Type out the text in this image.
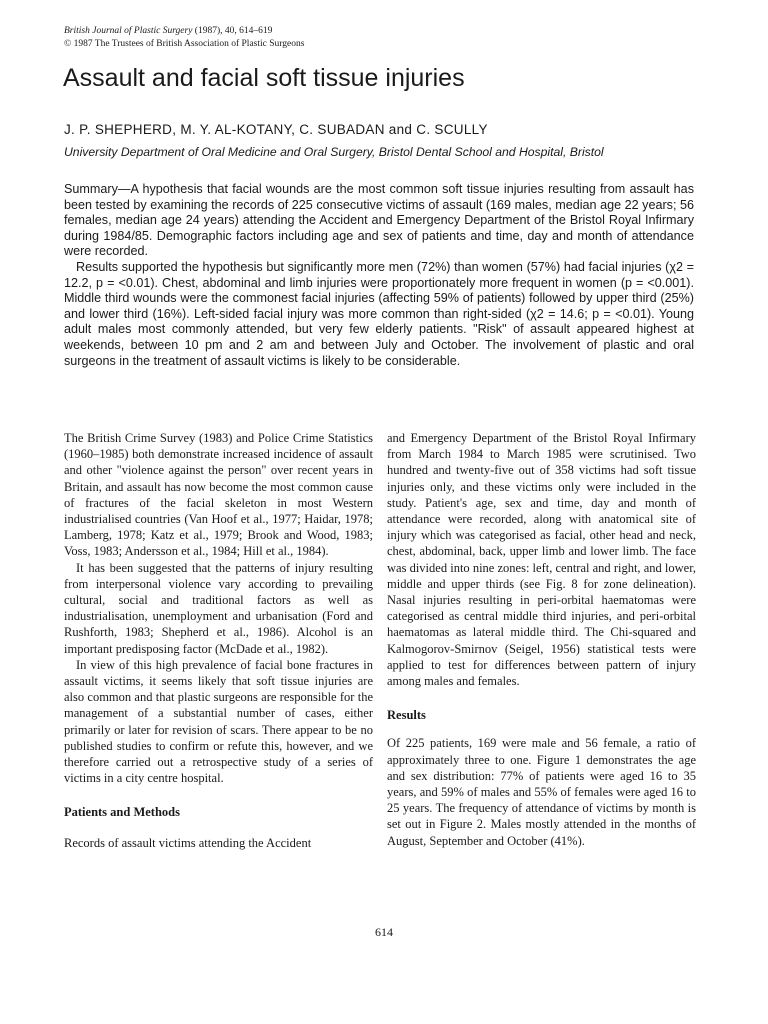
British Journal of Plastic Surgery (1987), 40, 614–619
© 1987 The Trustees of British Association of Plastic Surgeons
Assault and facial soft tissue injuries
J. P. SHEPHERD, M. Y. AL-KOTANY, C. SUBADAN and C. SCULLY
University Department of Oral Medicine and Oral Surgery, Bristol Dental School and Hospital, Bristol

Summary—A hypothesis that facial wounds are the most common soft tissue injuries resulting from assault has been tested by examining the records of 225 consecutive victims of assault (169 males, median age 22 years; 56 females, median age 24 years) attending the Accident and Emergency Department of the Bristol Royal Infirmary during 1984/85. Demographic factors including age and sex of patients and time, day and month of attendance were recorded.

Results supported the hypothesis but significantly more men (72%) than women (57%) had facial injuries (χ2 = 12.2, p = <0.01). Chest, abdominal and limb injuries were proportionately more frequent in women (p = <0.001). Middle third wounds were the commonest facial injuries (affecting 59% of patients) followed by upper third (25%) and lower third (16%). Left-sided facial injury was more common than right-sided (χ2 = 14.6; p = <0.01). Young adult males most commonly attended, but very few elderly patients. "Risk" of assault appeared highest at weekends, between 10 pm and 2 am and between July and October. The involvement of plastic and oral surgeons in the treatment of assault victims is likely to be considerable.

The British Crime Survey (1983) and Police Crime Statistics (1960–1985) both demonstrate increased incidence of assault and other "violence against the person" over recent years in Britain, and assault has now become the most common cause of fractures of the facial skeleton in most Western industrialised countries (Van Hoof et al., 1977; Haidar, 1978; Lamberg, 1978; Katz et al., 1979; Brook and Wood, 1983; Voss, 1983; Andersson et al., 1984; Hill et al., 1984).

It has been suggested that the patterns of injury resulting from interpersonal violence vary according to prevailing cultural, social and traditional factors as well as industrialisation, unemployment and urbanisation (Ford and Rushforth, 1983; Shepherd et al., 1986). Alcohol is an important predisposing factor (McDade et al., 1982).

In view of this high prevalence of facial bone fractures in assault victims, it seems likely that soft tissue injuries are also common and that plastic surgeons are responsible for the management of a substantial number of cases, either primarily or later for revision of scars. There appear to be no published studies to confirm or refute this, however, and we therefore carried out a retrospective study of a series of victims in a city centre hospital.

Patients and Methods

Records of assault victims attending the Accident

and Emergency Department of the Bristol Royal Infirmary from March 1984 to March 1985 were scrutinised. Two hundred and twenty-five out of 358 victims had soft tissue injuries only, and these victims only were included in the study. Patient's age, sex and time, day and month of attendance were recorded, along with anatomical site of injury which was categorised as facial, other head and neck, chest, abdominal, back, upper limb and lower limb. The face was divided into nine zones: left, central and right, and lower, middle and upper thirds (see Fig. 8 for zone delineation). Nasal injuries resulting in peri-orbital haematomas were categorised as central middle third injuries, and peri-orbital haematomas as lateral middle third. The Chi-squared and Kalmogorov-Smirnov (Seigel, 1956) statistical tests were applied to test for differences between pattern of injury among males and females.

Results

Of 225 patients, 169 were male and 56 female, a ratio of approximately three to one. Figure 1 demonstrates the age and sex distribution: 77% of patients were aged 16 to 35 years, and 59% of males and 55% of females were aged 16 to 25 years. The frequency of attendance of victims by month is set out in Figure 2. Males mostly attended in the months of August, September and October (41%).

614
